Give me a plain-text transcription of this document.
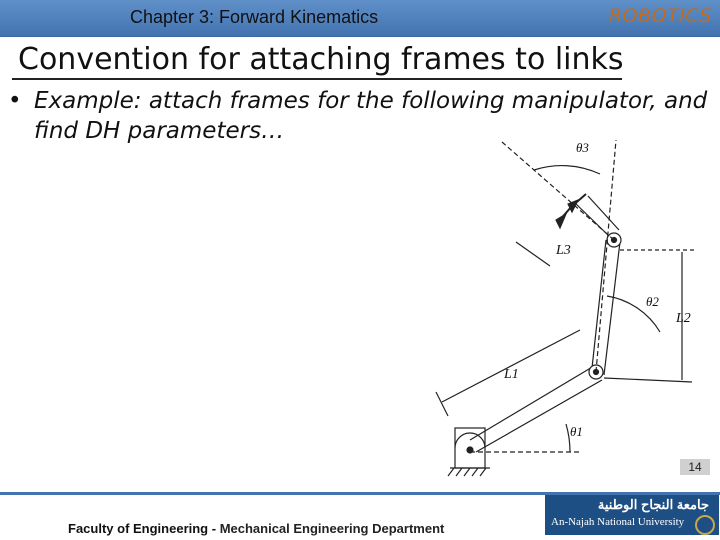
Chapter 3: Forward Kinematics	ROBOTICS
Convention for attaching frames to links
• Example: attach frames for the following manipulator, and find DH parameters…
θ3
L3
θ2
L2
L1
θ1
14
Faculty of Engineering - Mechanical Engineering Department
جامعة النجاح الوطنية
An-Najah National University
